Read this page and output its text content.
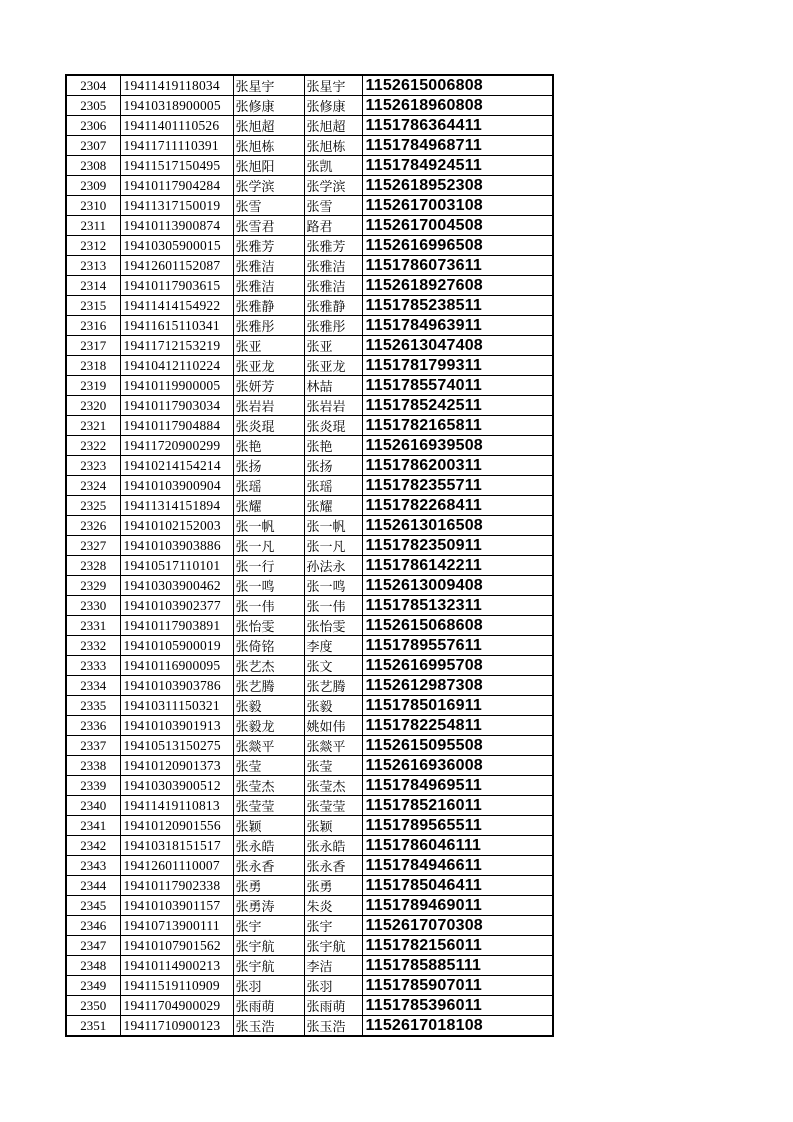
2304	19411419118034	张星宇	张星宇	1152615006808
2305	19410318900005	张修康	张修康	1152618960808
2306	19411401110526	张旭超	张旭超	1151786364411
2307	19411711110391	张旭栋	张旭栋	1151784968711
2308	19411517150495	张旭阳	张凯	1151784924511
2309	19410117904284	张学滨	张学滨	1152618952308
2310	19411317150019	张雪	张雪	1152617003108
2311	19410113900874	张雪君	路君	1152617004508
2312	19410305900015	张雅芳	张雅芳	1152616996508
2313	19412601152087	张雅洁	张雅洁	1151786073611
2314	19410117903615	张雅洁	张雅洁	1152618927608
2315	19411414154922	张雅静	张雅静	1151785238511
2316	19411615110341	张雅彤	张雅彤	1151784963911
2317	19411712153219	张亚	张亚	1152613047408
2318	19410412110224	张亚龙	张亚龙	1151781799311
2319	19410119900005	张妍芳	林喆	1151785574011
2320	19410117903034	张岩岩	张岩岩	1151785242511
2321	19410117904884	张炎琨	张炎琨	1151782165811
2322	19411720900299	张艳	张艳	1152616939508
2323	19410214154214	张扬	张扬	1151786200311
2324	19410103900904	张瑶	张瑶	1151782355711
2325	19411314151894	张耀	张耀	1151782268411
2326	19410102152003	张一帆	张一帆	1152613016508
2327	19410103903886	张一凡	张一凡	1151782350911
2328	19410517110101	张一行	孙法永	1151786142211
2329	19410303900462	张一鸣	张一鸣	1152613009408
2330	19410103902377	张一伟	张一伟	1151785132311
2331	19410117903891	张怡雯	张怡雯	1152615068608
2332	19410105900019	张倚铭	李度	1151789557611
2333	19410116900095	张艺杰	张文	1152616995708
2334	19410103903786	张艺腾	张艺腾	1152612987308
2335	19410311150321	张毅	张毅	1151785016911
2336	19410103901913	张毅龙	姚如伟	1151782254811
2337	19410513150275	张燚平	张燚平	1152615095508
2338	19410120901373	张莹	张莹	1152616936008
2339	19410303900512	张莹杰	张莹杰	1151784969511
2340	19411419110813	张莹莹	张莹莹	1151785216011
2341	19410120901556	张颖	张颖	1151789565511
2342	19410318151517	张永皓	张永皓	1151786046111
2343	19412601110007	张永香	张永香	1151784946611
2344	19410117902338	张勇	张勇	1151785046411
2345	19410103901157	张勇涛	朱炎	1151789469011
2346	19410713900111	张宇	张宇	1152617070308
2347	19410107901562	张宇航	张宇航	1151782156011
2348	19410114900213	张宇航	李洁	1151785885111
2349	19411519110909	张羽	张羽	1151785907011
2350	19411704900029	张雨萌	张雨萌	1151785396011
2351	19411710900123	张玉浩	张玉浩	1152617018108
